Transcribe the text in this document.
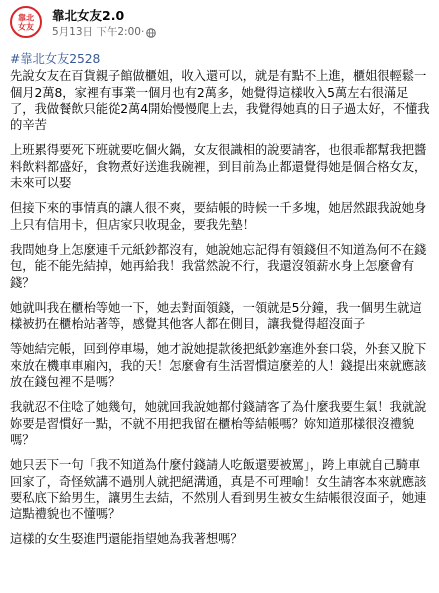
靠北
女友
靠北女友2.0
5月13日 下午2:00 ·
#靠北女友2528

先說女友在百貨親子館做櫃姐，收入還可以，就是有點不上進，櫃姐很輕鬆一個月2萬8，家裡有事業一個月也有2萬多，她覺得這樣收入5萬左右很滿足了，我做餐飲只能從2萬4開始慢慢爬上去，我覺得她真的日子過太好，不懂我的辛苦

上班累得要死下班就要吃個火鍋，女友很識相的說要請客，也很乖都幫我把醬料飲料都盛好，食物煮好送進我碗裡，到目前為止都還覺得她是個合格女友，未來可以娶

但接下來的事情真的讓人很不爽，要結帳的時候一千多塊，她居然跟我說她身上只有信用卡，但店家只收現金，要我先墊！

我問她身上怎麼連千元紙鈔都沒有，她說她忘記得有領錢但不知道為何不在錢包，能不能先結掉，她再給我！我當然說不行，我還沒領薪水身上怎麼會有錢？

她就叫我在櫃枱等她一下，她去對面領錢，一領就是5分鐘，我一個男生就這樣被扔在櫃枱站著等，感覺其他客人都在側目，讓我覺得超沒面子

等她結完帳，回到停車場，她才說她提款後把紙鈔塞進外套口袋，外套又脫下來放在機車車廂內，我的天！怎麼會有生活習慣這麼差的人！錢提出來就應該放在錢包裡不是嗎？

我就忍不住唸了她幾句，她就回我說她都付錢請客了為什麼我要生氣！我就說妳要是習慣好一點，不就不用把我留在櫃枱等結帳嗎？妳知道那樣很沒禮貌嗎？

她只丟下一句「我不知道為什麼付錢請人吃飯還要被罵」，跨上車就自己騎車回家了，奇怪欸講不過別人就把絕溝通，真是不可理喻！女生請客本來就應該要私底下給男生，讓男生去結，不然別人看到男生被女生結帳很沒面子，她連這點禮貌也不懂嗎？

這樣的女生娶進門還能指望她為我著想嗎？
